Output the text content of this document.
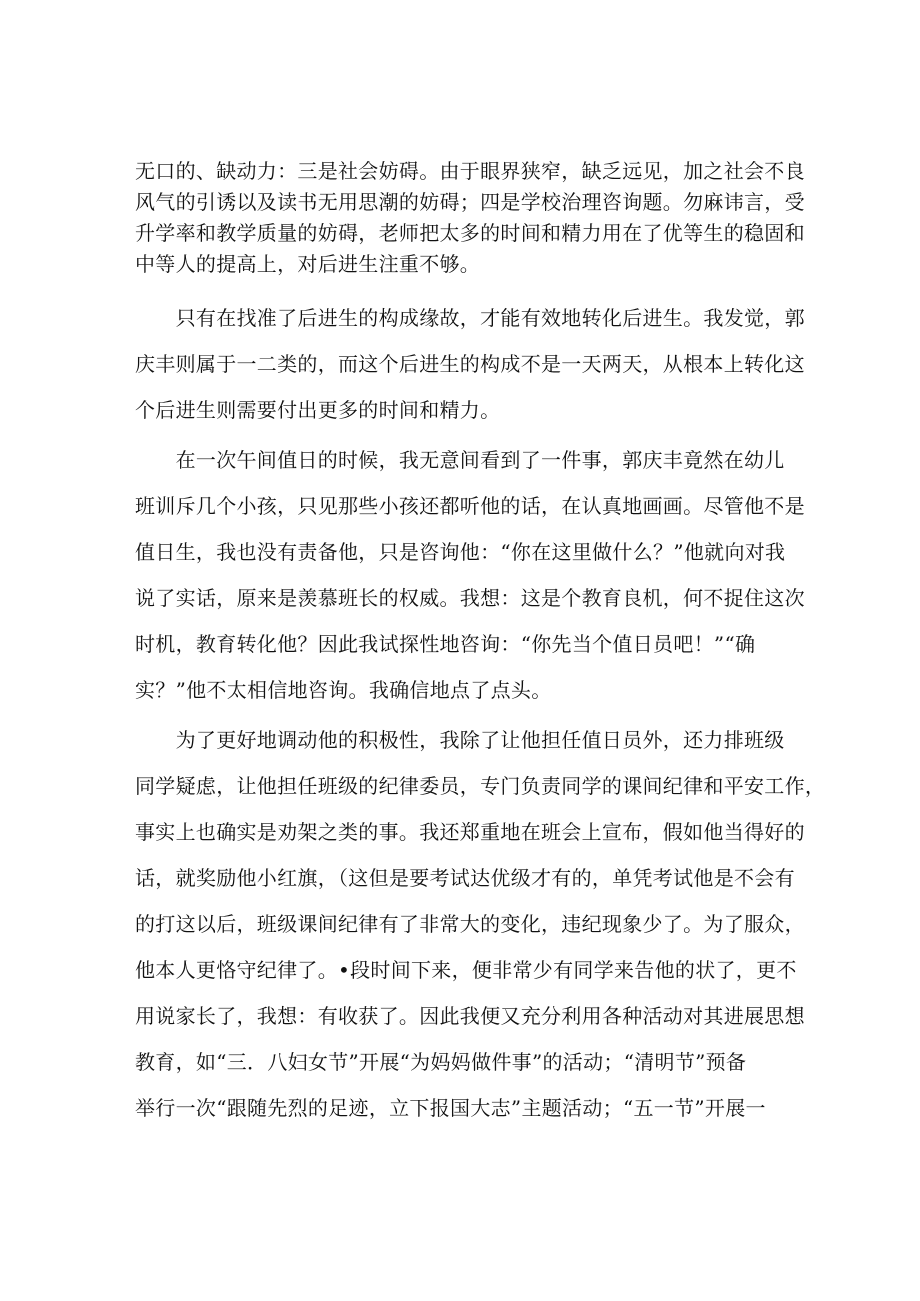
无口的、缺动力：三是社会妨碍。由于眼界狭窄，缺乏远见，加之社会不良
风气的引诱以及读书无用思潮的妨碍；四是学校治理咨询题。勿麻讳言，受
升学率和教学质量的妨碍，老师把太多的时间和精力用在了优等生的稳固和
中等人的提高上，对后进生注重不够。
　　只有在找准了后进生的构成缘故，才能有效地转化后进生。我发觉，郭
庆丰则属于一二类的，而这个后进生的构成不是一天两天，从根本上转化这
个后进生则需要付出更多的时间和精力。
　　在一次午间值日的时候，我无意间看到了一件事，郭庆丰竟然在幼儿
班训斥几个小孩，只见那些小孩还都听他的话，在认真地画画。尽管他不是
值日生，我也没有责备他，只是咨询他：“你在这里做什么？”他就向对我
说了实话，原来是羡慕班长的权威。我想：这是个教育良机，何不捉住这次
时机，教育转化他？因此我试探性地咨询：“你先当个值日员吧！”“确
实？”他不太相信地咨询。我确信地点了点头。
　　为了更好地调动他的积极性，我除了让他担任值日员外，还力排班级
同学疑虑，让他担任班级的纪律委员，专门负责同学的课间纪律和平安工作，
事实上也确实是劝架之类的事。我还郑重地在班会上宣布，假如他当得好的
话，就奖励他小红旗，（这但是要考试达优级才有的，单凭考试他是不会有
的打这以后，班级课间纪律有了非常大的变化，违纪现象少了。为了服众，
他本人更恪守纪律了。•段时间下来，便非常少有同学来告他的状了，更不
用说家长了，我想：有收获了。因此我便又充分利用各种活动对其进展思想
教育，如“三．八妇女节”开展“为妈妈做件事”的活动；“清明节”预备
举行一次“跟随先烈的足迹，立下报国大志”主题活动；“五一节”开展一
